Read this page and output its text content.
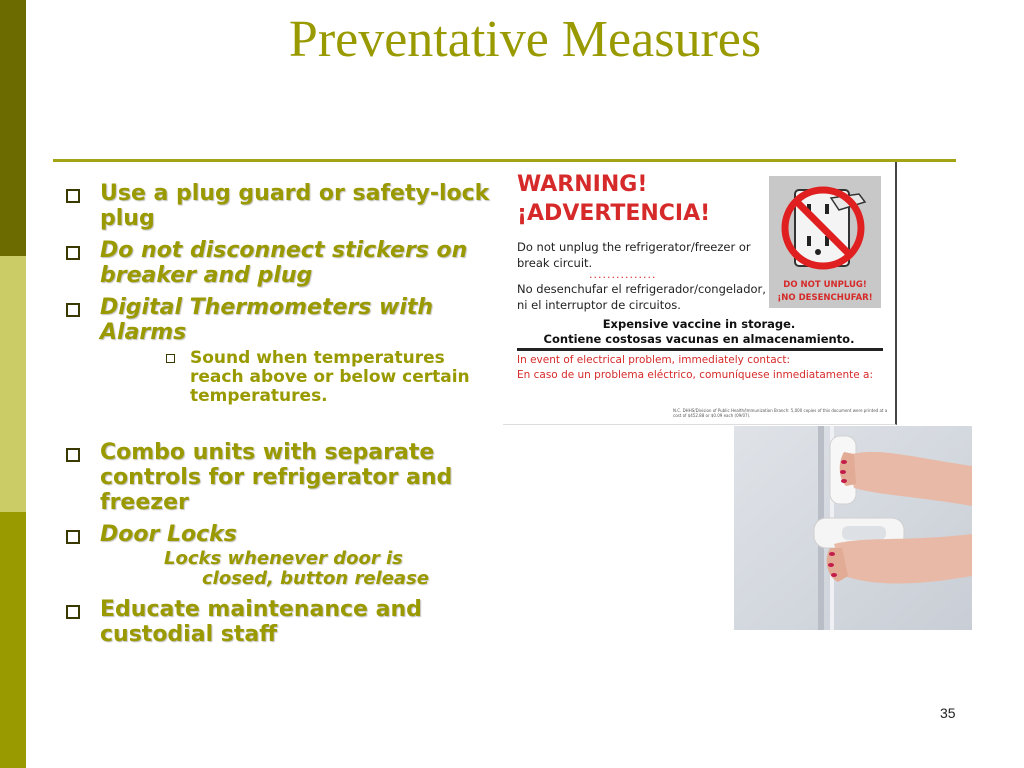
Preventative Measures
Use a plug guard or safety-lock plug
Do not disconnect stickers on breaker and plug
Digital Thermometers with Alarms
Sound when temperatures reach above or below certain temperatures.
Combo units with separate controls for refrigerator and freezer
Door Locks
Locks whenever door is
closed, button release
Educate maintenance and custodial staff
WARNING!
¡ADVERTENCIA!
Do not unplug the refrigerator/freezer or break circuit.
...............
No desenchufar el refrigerador/congelador, ni el interruptor de circuitos.
DO NOT UNPLUG!
¡NO DESENCHUFAR!
Expensive vaccine in storage.
Contiene costosas vacunas en almacenamiento.
In event of electrical problem, immediately contact:
En caso de un problema eléctrico, comuníquese inmediatamente a:
N.C. DHHS/Division of Public Health/Immunization Branch: 5,000 copies of this document were printed at a cost of $452.88 or $0.09 each (09/07).
35
